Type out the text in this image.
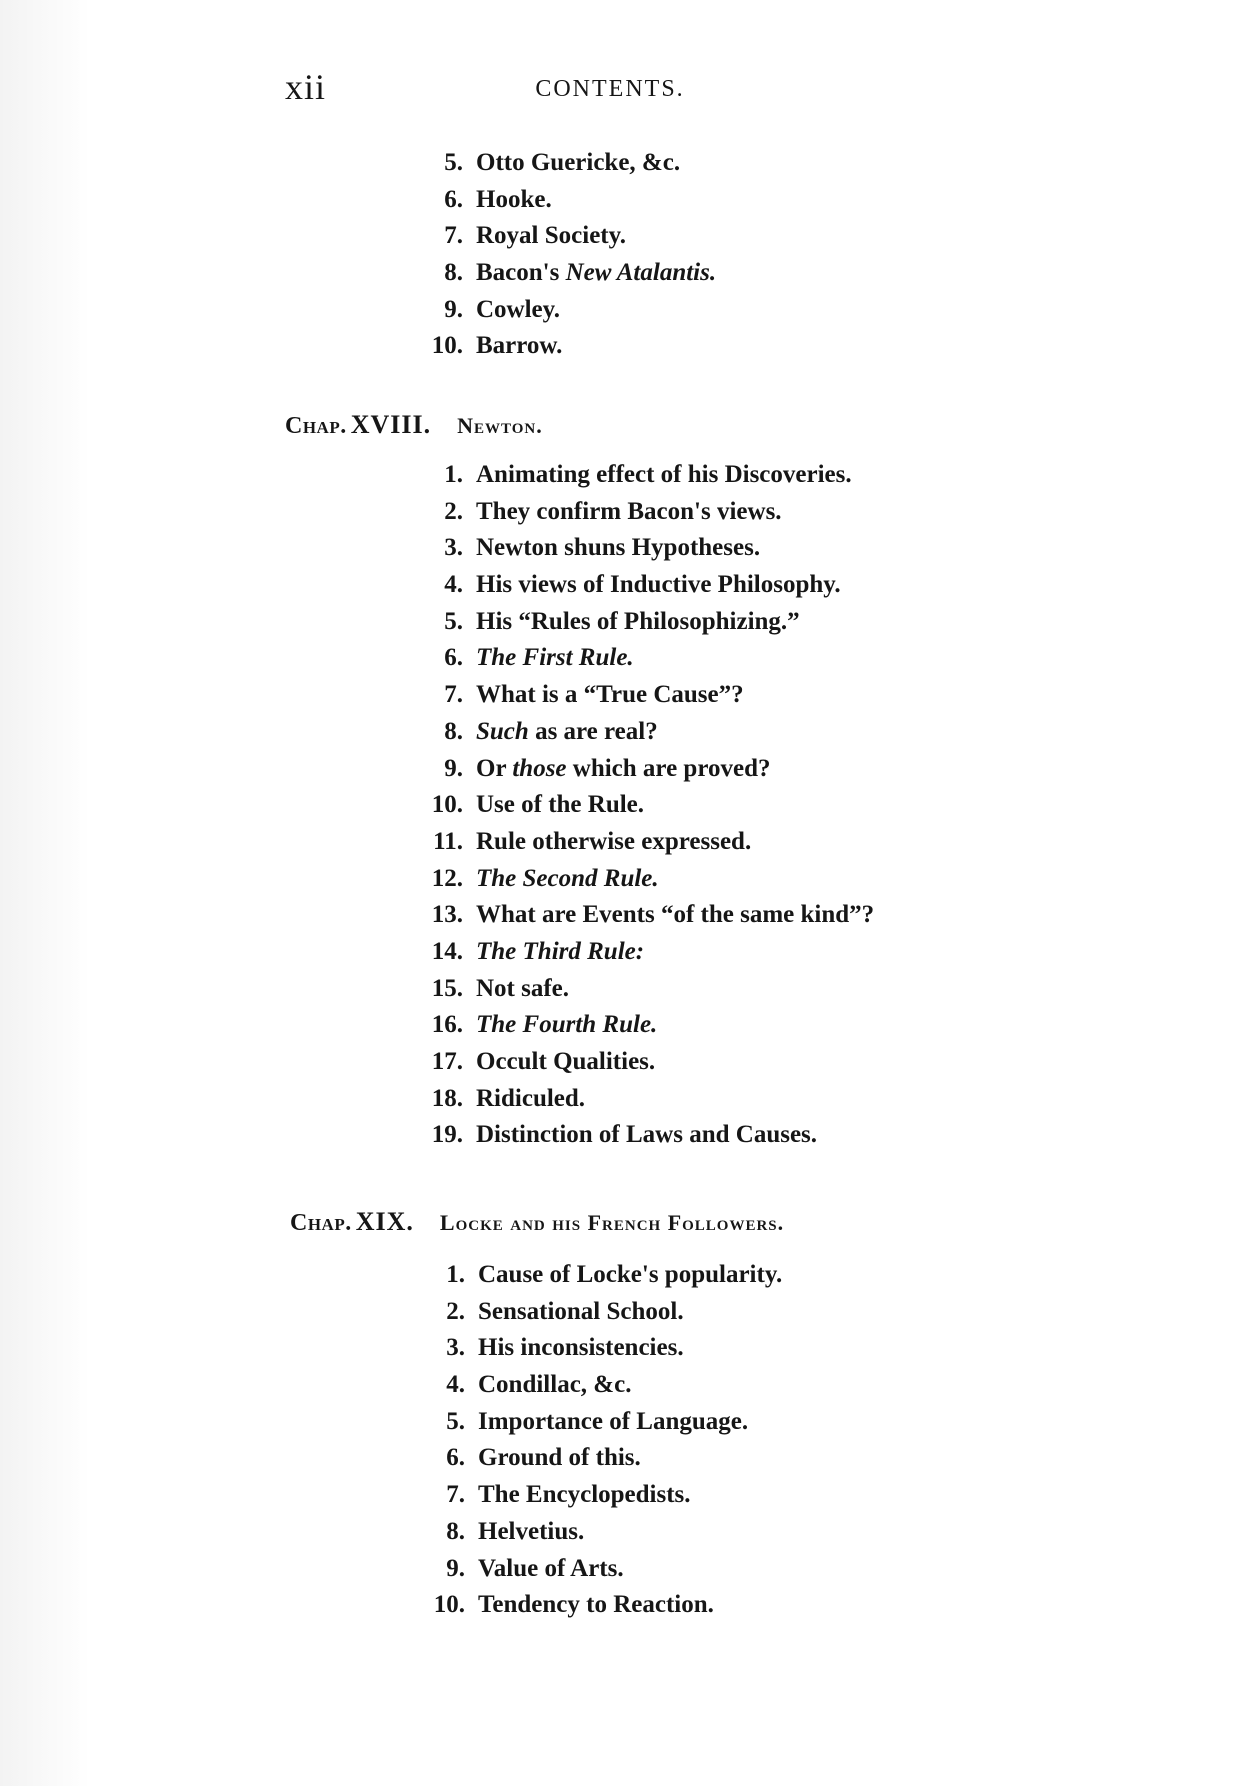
xii	CONTENTS.
5. Otto Guericke, &c.
6. Hooke.
7. Royal Society.
8. Bacon's New Atalantis.
9. Cowley.
10. Barrow.
Chap. XVIII. Newton.
1. Animating effect of his Discoveries.
2. They confirm Bacon's views.
3. Newton shuns Hypotheses.
4. His views of Inductive Philosophy.
5. His “Rules of Philosophizing.”
6. The First Rule.
7. What is a “True Cause”?
8. Such as are real?
9. Or those which are proved?
10. Use of the Rule.
11. Rule otherwise expressed.
12. The Second Rule.
13. What are Events “of the same kind”?
14. The Third Rule:
15. Not safe.
16. The Fourth Rule.
17. Occult Qualities.
18. Ridiculed.
19. Distinction of Laws and Causes.
Chap. XIX. Locke and his French Followers.
1. Cause of Locke's popularity.
2. Sensational School.
3. His inconsistencies.
4. Condillac, &c.
5. Importance of Language.
6. Ground of this.
7. The Encyclopedists.
8. Helvetius.
9. Value of Arts.
10. Tendency to Reaction.
